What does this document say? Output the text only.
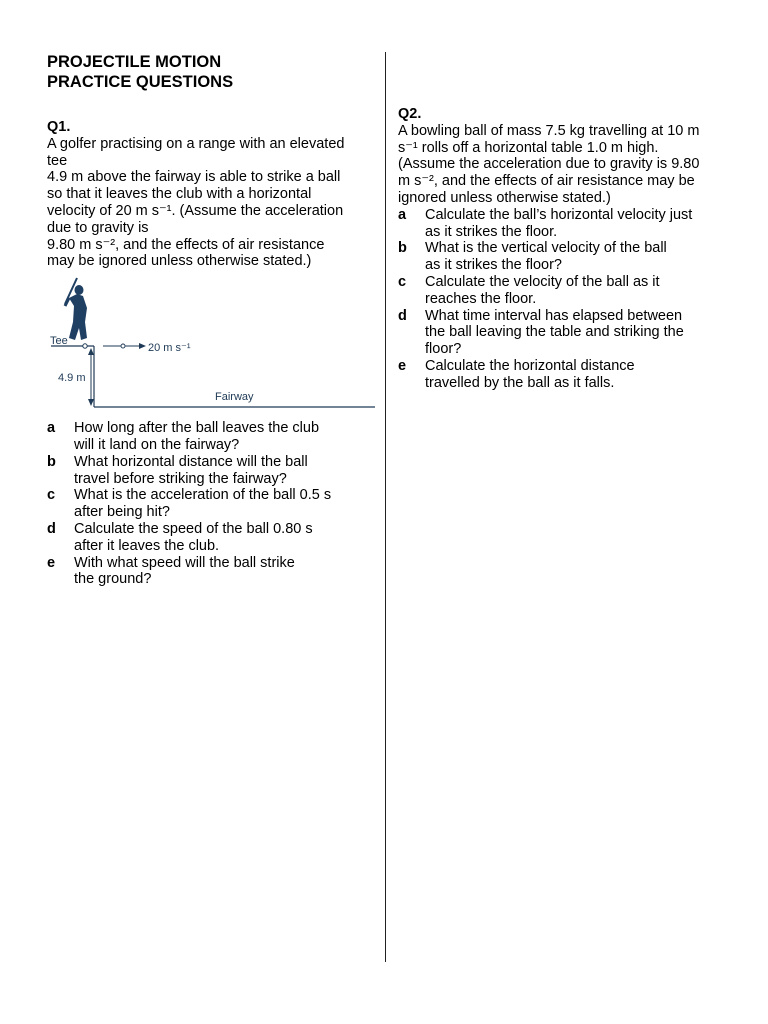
PROJECTILE MOTION
PRACTICE QUESTIONS
Q1.
A golfer practising on a range with an elevated
tee
4.9 m above the fairway is able to strike a ball
so that it leaves the club with a horizontal
velocity of 20 m s⁻¹. (Assume the acceleration
due to gravity is
9.80 m s⁻², and the effects of air resistance
may be ignored unless otherwise stated.)
Tee
20 m s⁻¹
4.9 m
Fairway
a	How long after the ball leaves the club
will it land on the fairway?
b	What horizontal distance will the ball
travel before striking the fairway?
c	What is the acceleration of the ball 0.5 s
after being hit?
d	Calculate the speed of the ball 0.80 s
after it leaves the club.
e	With what speed will the ball strike
the ground?
Q2.
A bowling ball of mass 7.5 kg travelling at 10 m
s⁻¹ rolls off a horizontal table 1.0 m high.
(Assume the acceleration due to gravity is 9.80
m s⁻², and the effects of air resistance may be
ignored unless otherwise stated.)
a	Calculate the ball’s horizontal velocity just
as it strikes the floor.
b	What is the vertical velocity of the ball
as it strikes the floor?
c	Calculate the velocity of the ball as it
reaches the floor.
d	What time interval has elapsed between
the ball leaving the table and striking the
floor?
e	Calculate the horizontal distance
travelled by the ball as it falls.
